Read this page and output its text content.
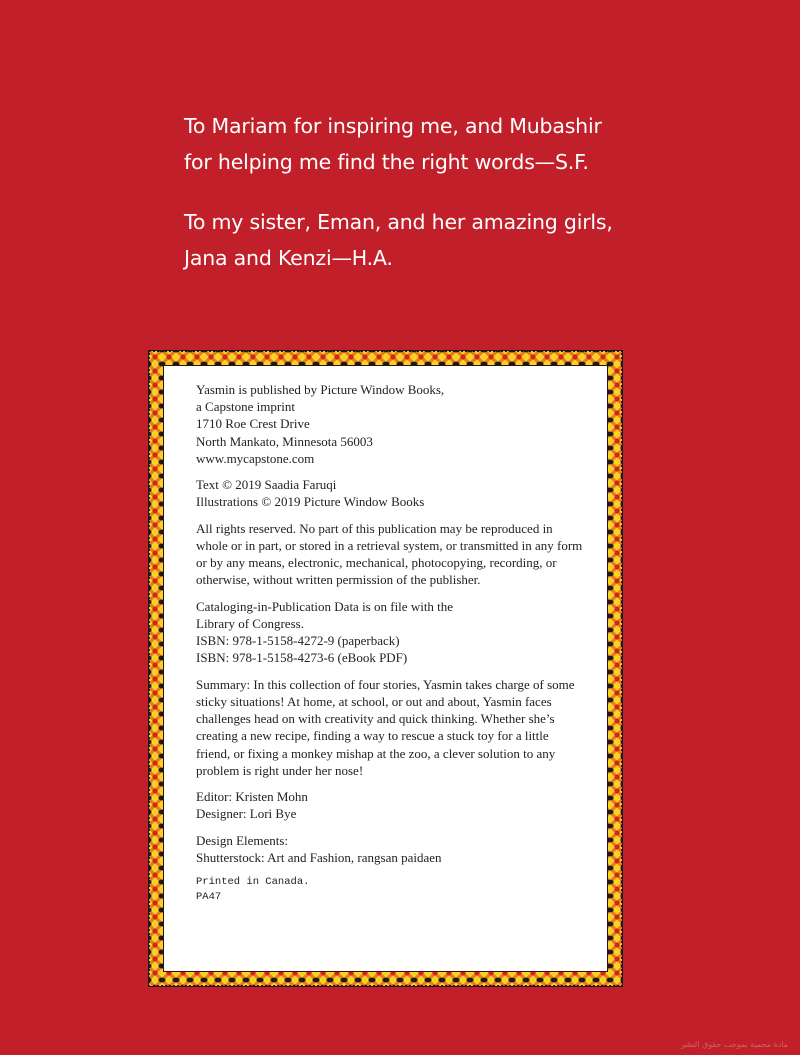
To Mariam for inspiring me, and Mubashir
for helping me find the right words—S.F.

To my sister, Eman, and her amazing girls,
Jana and Kenzi—H.A.

Yasmin is published by Picture Window Books,
a Capstone imprint
1710 Roe Crest Drive
North Mankato, Minnesota 56003
www.mycapstone.com

Text © 2019 Saadia Faruqi
Illustrations © 2019 Picture Window Books

All rights reserved. No part of this publication may be reproduced in whole or in part, or stored in a retrieval system, or transmitted in any form or by any means, electronic, mechanical, photocopying, recording, or otherwise, without written permission of the publisher.

Cataloging-in-Publication Data is on file with the
Library of Congress.
ISBN: 978-1-5158-4272-9 (paperback)
ISBN: 978-1-5158-4273-6 (eBook PDF)

Summary: In this collection of four stories, Yasmin takes charge of some sticky situations! At home, at school, or out and about, Yasmin faces challenges head on with creativity and quick thinking. Whether she’s creating a new recipe, finding a way to rescue a stuck toy for a little friend, or fixing a monkey mishap at the zoo, a clever solution to any problem is right under her nose!

Editor: Kristen Mohn
Designer: Lori Bye

Design Elements:
Shutterstock: Art and Fashion, rangsan paidaen

Printed in Canada.
PA47
مادة محمية بموجب حقوق النشر
